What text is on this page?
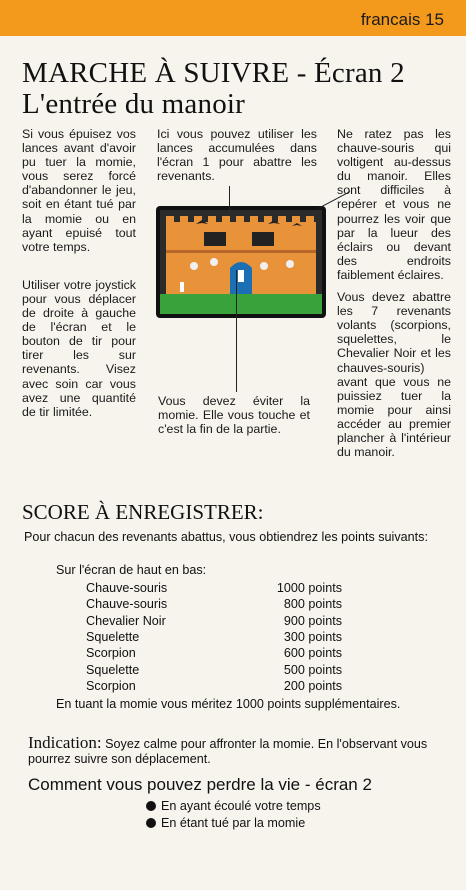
francais 15
MARCHE À SUIVRE - Écran 2
L'entrée du manoir

Si vous épuisez vos lances avant d'avoir pu tuer la momie, vous serez forcé d'abandonner le jeu, soit en étant tué par la momie ou en ayant epuisé tout votre temps.

Utiliser votre joystick pour vous déplacer de droite à gauche de l'écran et le bouton de tir pour tirer les sur revenants. Visez avec soin car vous avez une quantité de tir limitée.

Ici vous pouvez utiliser les lances accumulées dans l'écran 1 pour abattre les revenants.
Vous devez éviter la momie. Elle vous touche et c'est la fin de la partie.

Ne ratez pas les chauve-souris qui voltigent au-dessus du manoir. Elles sont difficiles à repérer et vous ne pourrez les voir que par la lueur des éclairs ou devant des endroits faiblement éclaires.

Vous devez abattre les 7 revenants volants (scorpions, squelettes, le Chevalier Noir et les chauves-souris) avant que vous ne puissiez tuer la momie pour ainsi accéder au premier plancher à l'intérieur du manoir.

SCORE À ENREGISTRER:
Pour chacun des revenants abattus, vous obtiendrez les points suivants:
Sur l'écran de haut en bas:
Chauve-souris	1000 points
Chauve-souris	800 points
Chevalier Noir	900 points
Squelette	300 points
Scorpion	600 points
Squelette	500 points
Scorpion	200 points
En tuant la momie vous méritez 1000 points supplémentaires.
Indication: Soyez calme pour affronter la momie. En l'observant vous pourrez suivre son déplacement.
Comment vous pouvez perdre la vie - écran 2
En ayant écoulé votre temps
En étant tué par la momie
